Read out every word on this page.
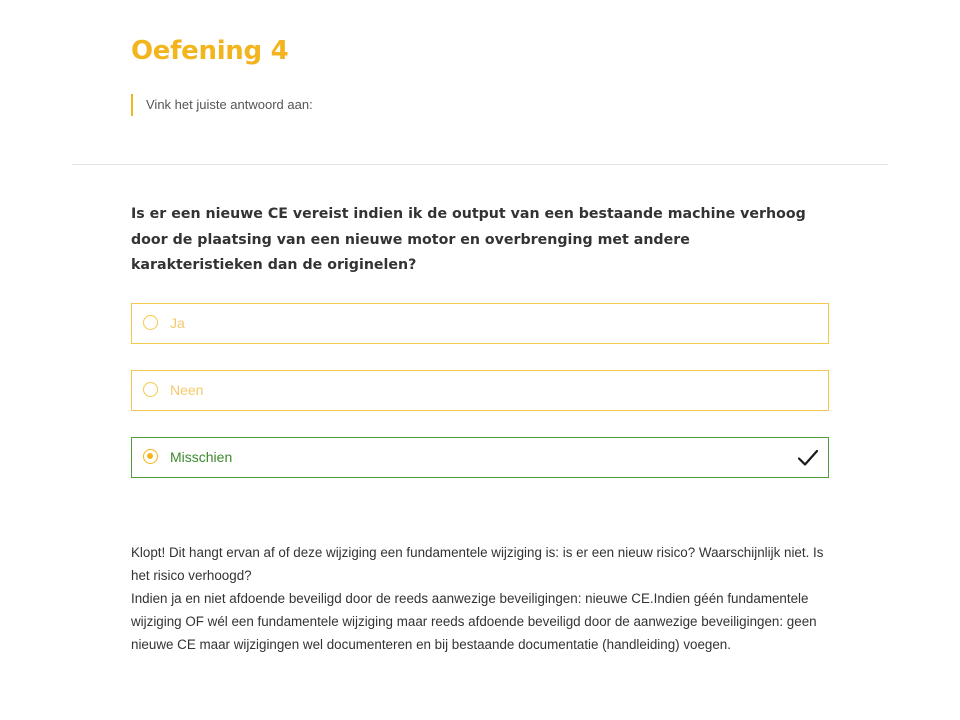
Oefening 4
Vink het juiste antwoord aan:

Is er een nieuwe CE vereist indien ik de output van een bestaande machine verhoog door de plaatsing van een nieuwe motor en overbrenging met andere karakteristieken dan de originelen?

Ja
Neen
Misschien

Klopt! Dit hangt ervan af of deze wijziging een fundamentele wijziging is: is er een nieuw risico? Waarschijnlijk niet. Is het risico verhoogd?

Indien ja en niet afdoende beveiligd door de reeds aanwezige beveiligingen: nieuwe CE.Indien géén fundamentele wijziging OF wél een fundamentele wijziging maar reeds afdoende beveiligd door de aanwezige beveiligingen: geen nieuwe CE maar wijzigingen wel documenteren en bij bestaande documentatie (handleiding) voegen.
